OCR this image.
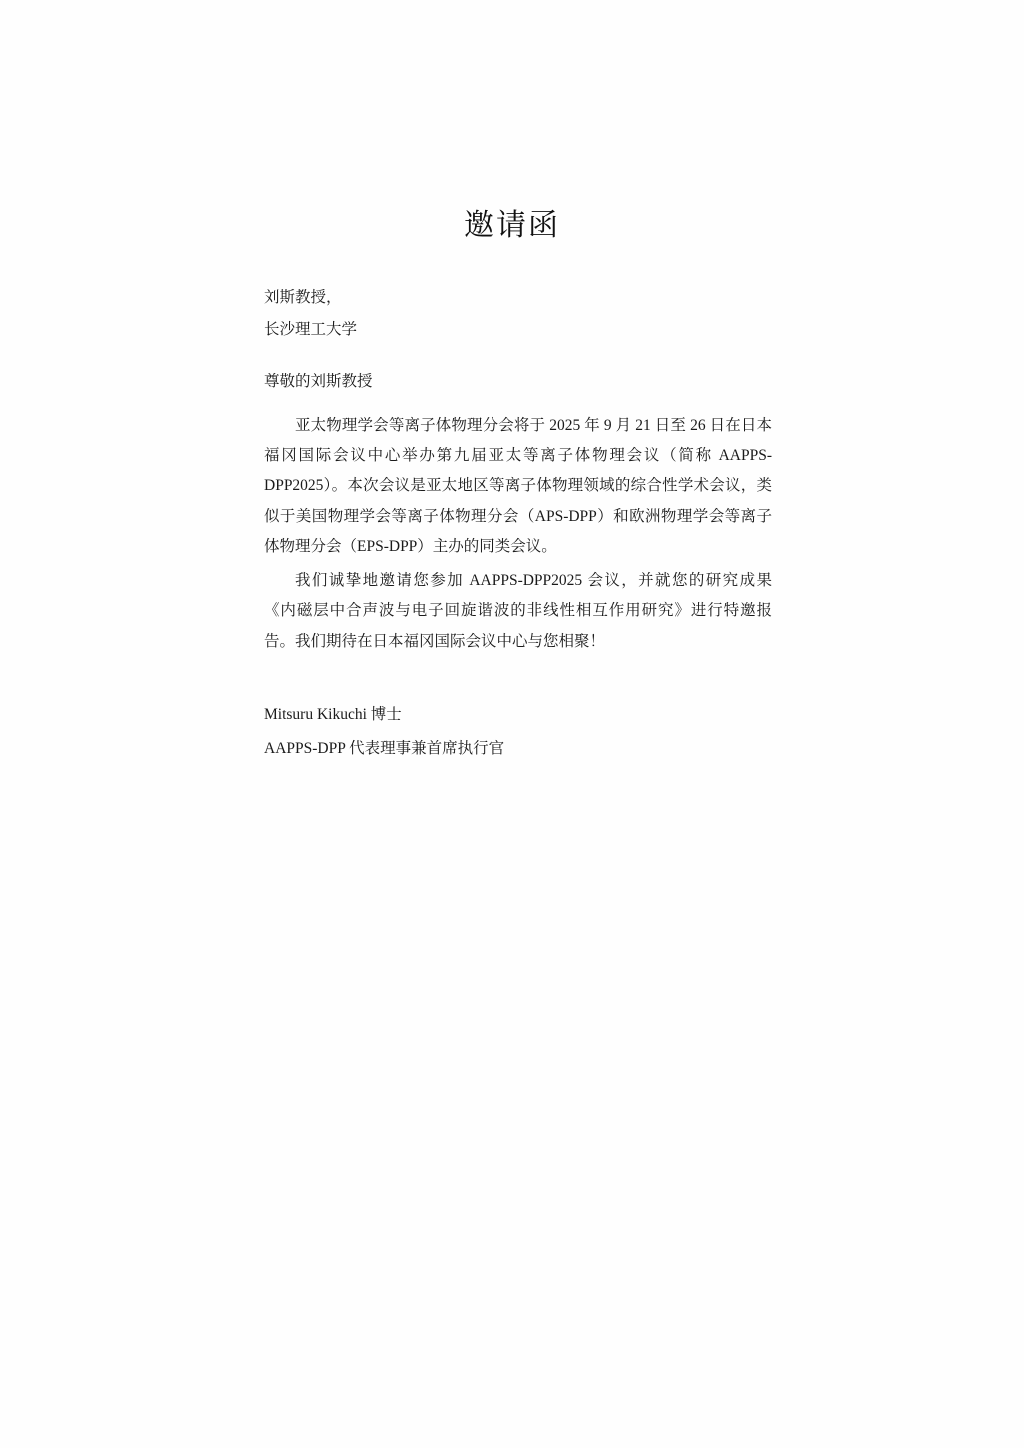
邀请函

刘斯教授，

长沙理工大学

尊敬的刘斯教授

亚太物理学会等离子体物理分会将于 2025 年 9 月 21 日至 26 日在日本福冈国际会议中心举办第九届亚太等离子体物理会议（简称 AAPPS-DPP2025）。本次会议是亚太地区等离子体物理领域的综合性学术会议，类似于美国物理学会等离子体物理分会（APS-DPP）和欧洲物理学会等离子体物理分会（EPS-DPP）主办的同类会议。

我们诚挚地邀请您参加 AAPPS-DPP2025 会议，并就您的研究成果《内磁层中合声波与电子回旋谐波的非线性相互作用研究》进行特邀报告。我们期待在日本福冈国际会议中心与您相聚！

Mitsuru Kikuchi 博士

AAPPS-DPP 代表理事兼首席执行官
